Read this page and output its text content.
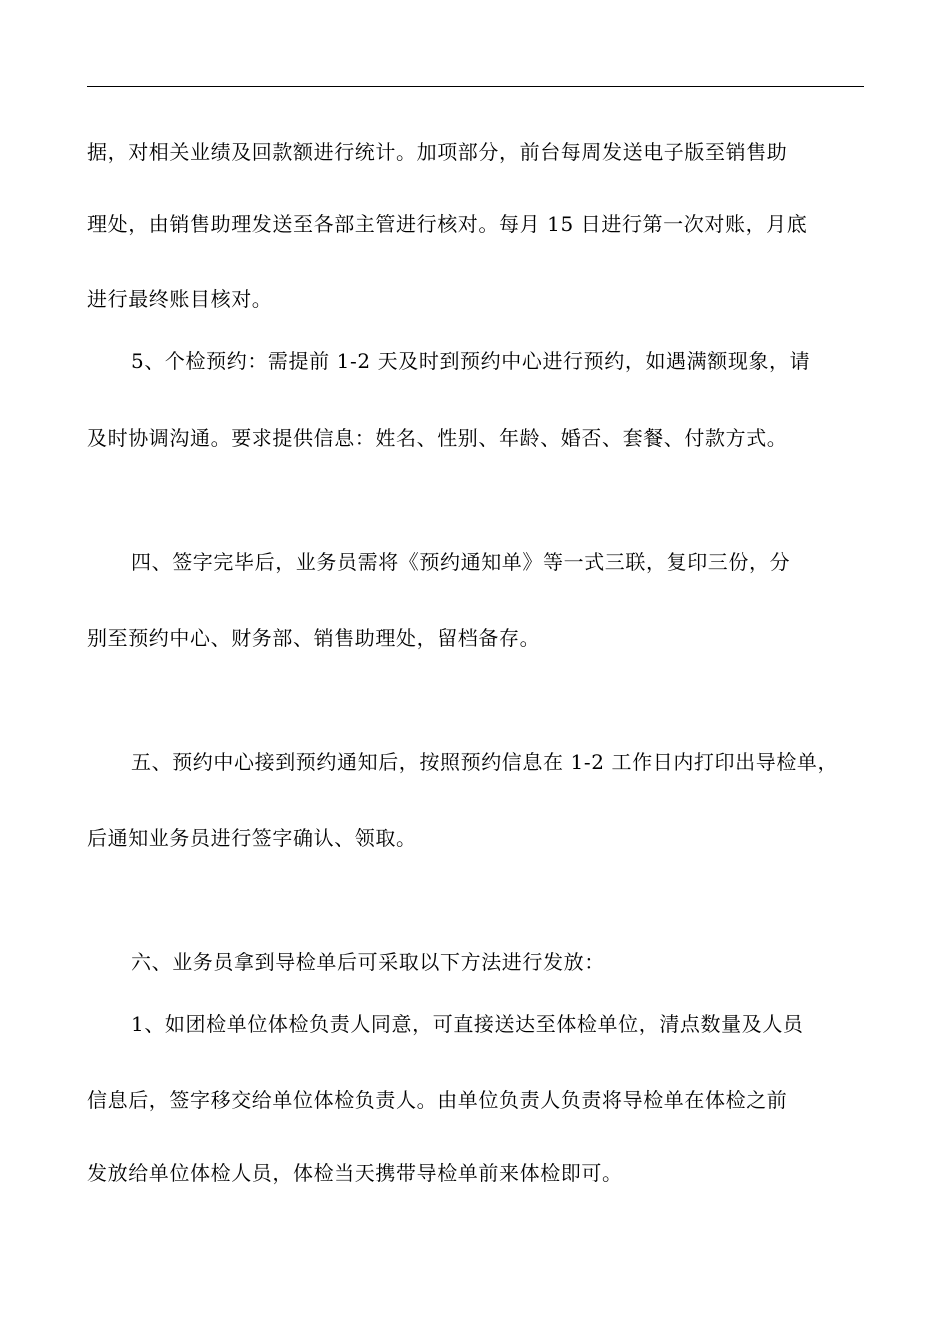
据，对相关业绩及回款额进行统计。加项部分，前台每周发送电子版至销售助
理处，由销售助理发送至各部主管进行核对。每月 15 日进行第一次对账，月底
进行最终账目核对。
5、个检预约：需提前 1-2 天及时到预约中心进行预约，如遇满额现象，请
及时协调沟通。要求提供信息：姓名、性别、年龄、婚否、套餐、付款方式。
四、签字完毕后，业务员需将《预约通知单》等一式三联，复印三份，分
别至预约中心、财务部、销售助理处，留档备存。
五、预约中心接到预约通知后，按照预约信息在 1-2 工作日内打印出导检单，
后通知业务员进行签字确认、领取。
六、业务员拿到导检单后可采取以下方法进行发放：
1、如团检单位体检负责人同意，可直接送达至体检单位，清点数量及人员
信息后，签字移交给单位体检负责人。由单位负责人负责将导检单在体检之前
发放给单位体检人员，体检当天携带导检单前来体检即可。
